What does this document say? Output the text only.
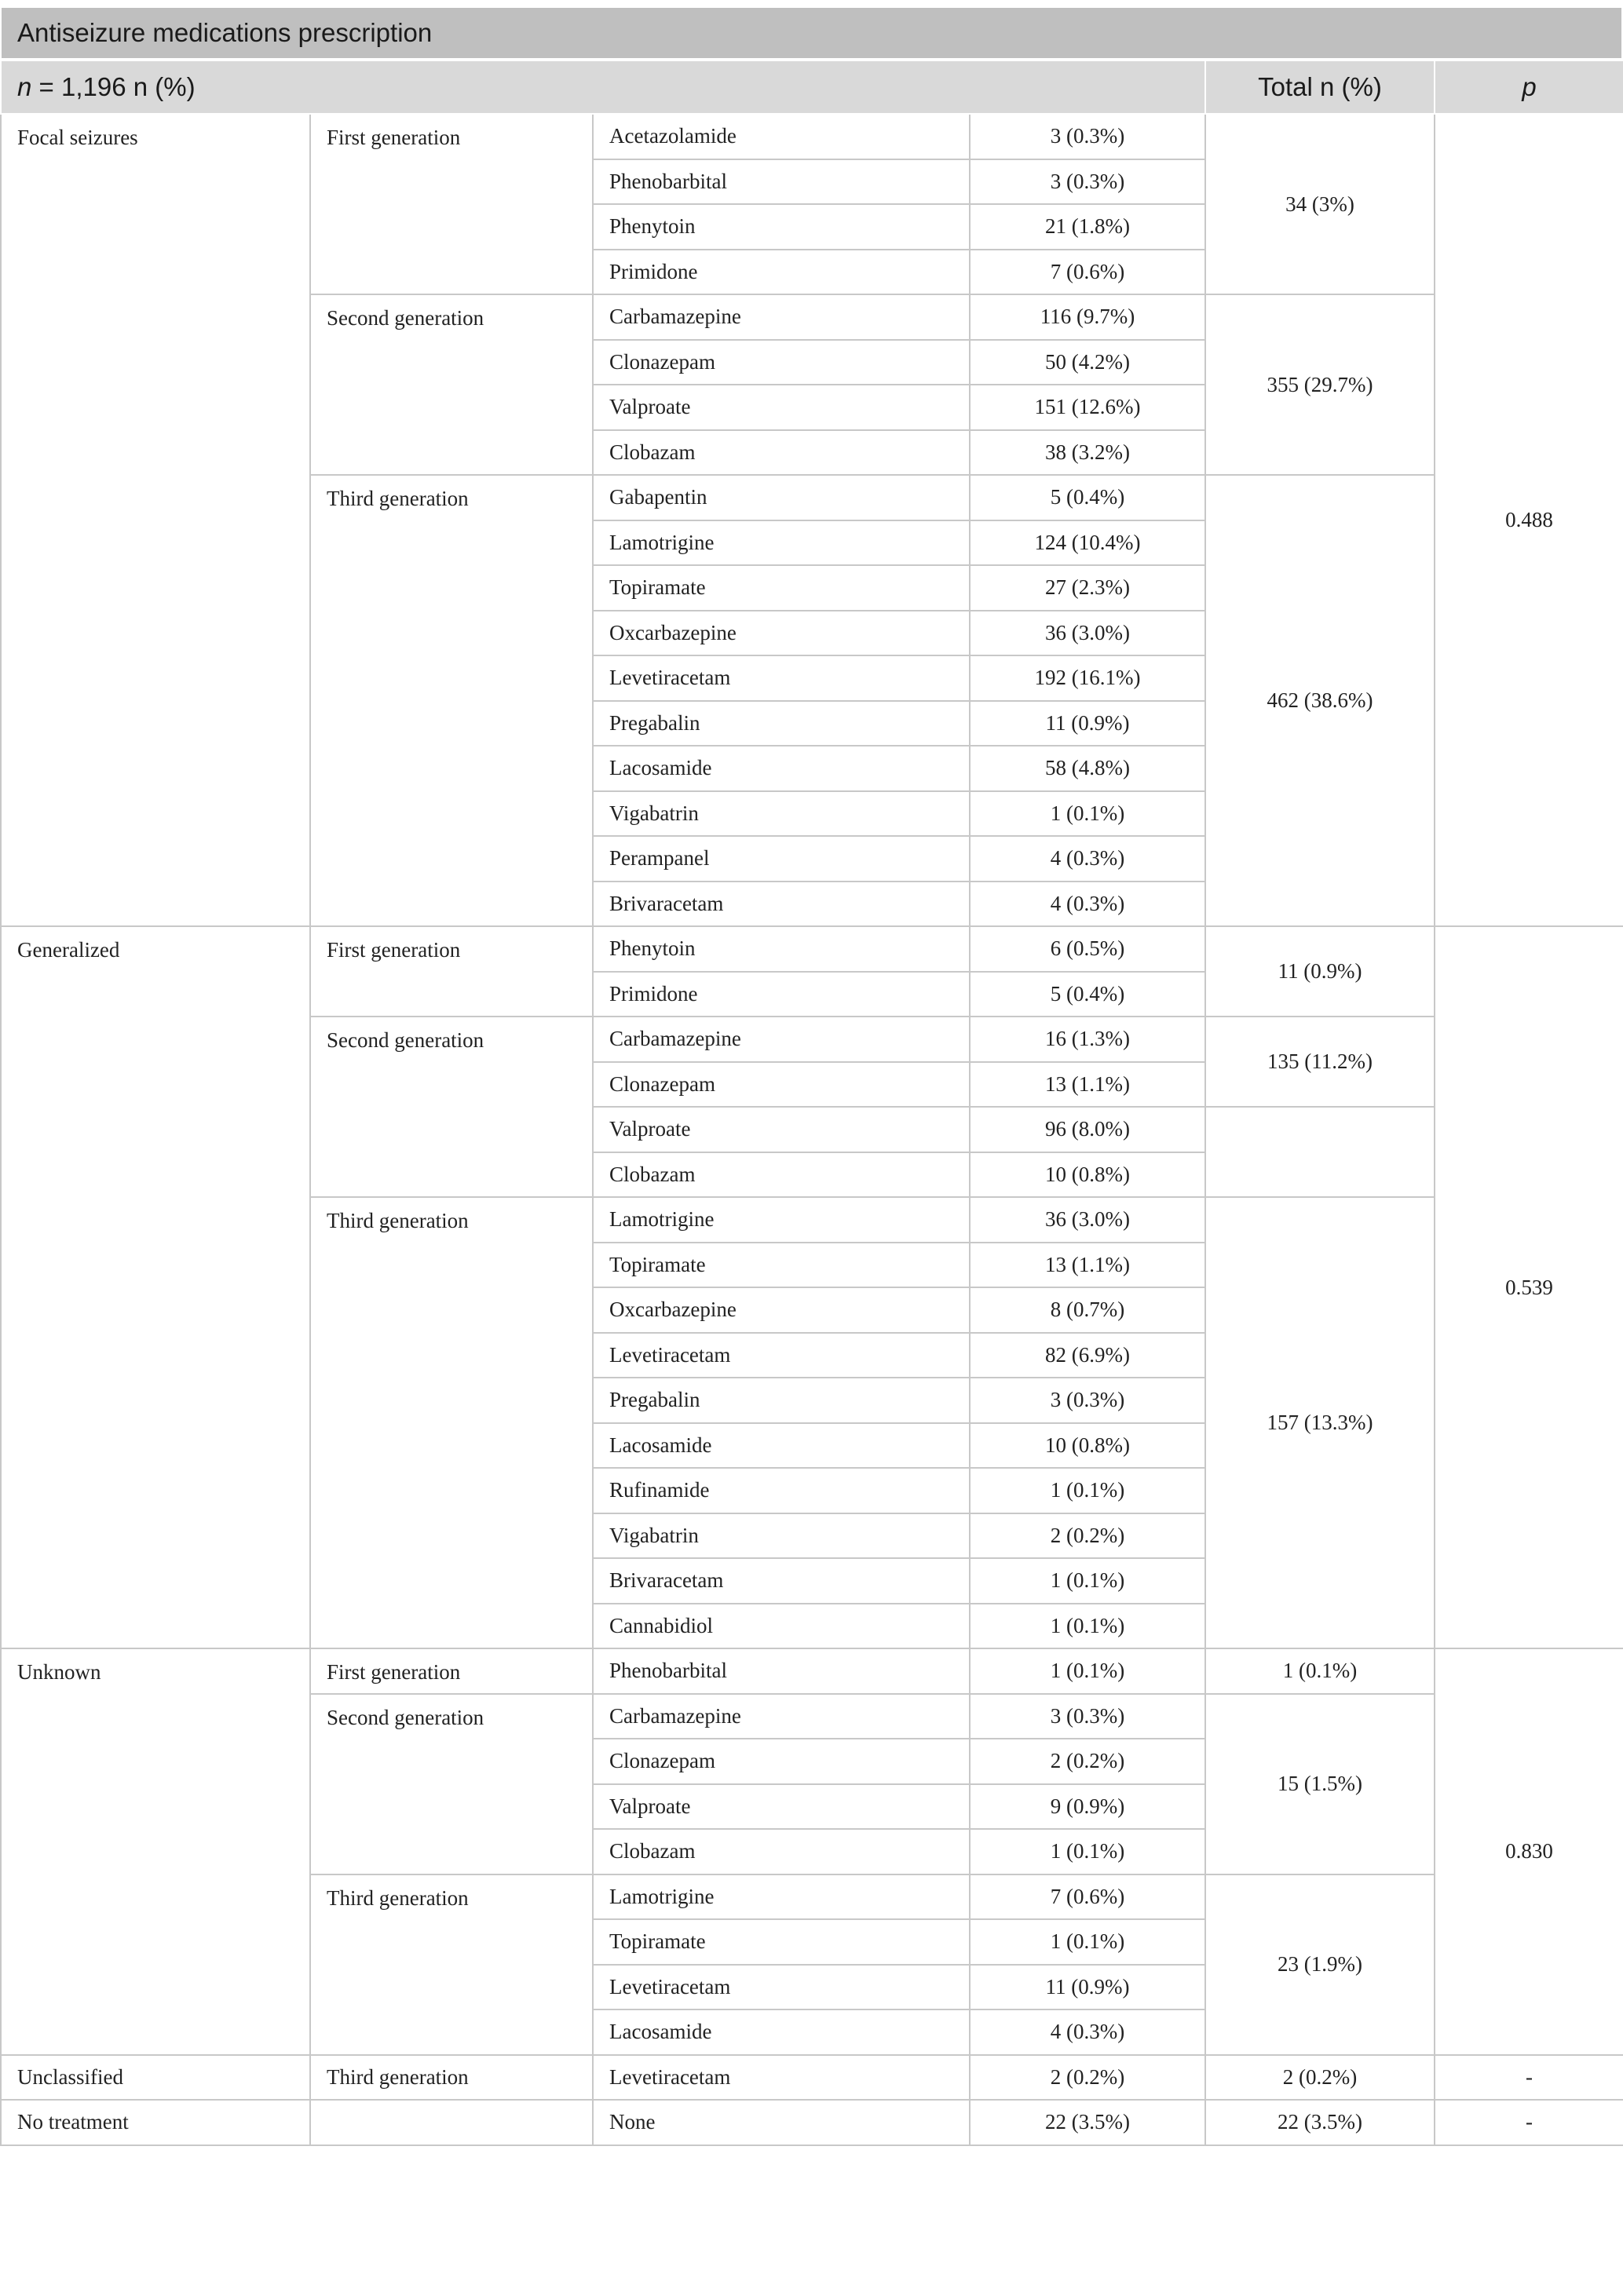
Antiseizure medications prescription
n = 1,196 n (%)				Total n (%)	p
Focal seizures	First generation	Acetazolamide	3 (0.3%)	34 (3%)	0.488
		Phenobarbital	3 (0.3%)		
		Phenytoin	21 (1.8%)		
		Primidone	7 (0.6%)		
	Second generation	Carbamazepine	116 (9.7%)	355 (29.7%)	
		Clonazepam	50 (4.2%)		
		Valproate	151 (12.6%)		
		Clobazam	38 (3.2%)		
	Third generation	Gabapentin	5 (0.4%)	462 (38.6%)	
		Lamotrigine	124 (10.4%)		
		Topiramate	27 (2.3%)		
		Oxcarbazepine	36 (3.0%)		
		Levetiracetam	192 (16.1%)		
		Pregabalin	11 (0.9%)		
		Lacosamide	58 (4.8%)		
		Vigabatrin	1 (0.1%)		
		Perampanel	4 (0.3%)		
		Brivaracetam	4 (0.3%)		
Generalized	First generation	Phenytoin	6 (0.5%)	11 (0.9%)	0.539
		Primidone	5 (0.4%)		
	Second generation	Carbamazepine	16 (1.3%)	135 (11.2%)	
		Clonazepam	13 (1.1%)		
		Valproate	96 (8.0%)		
		Clobazam	10 (0.8%)		
	Third generation	Lamotrigine	36 (3.0%)	157 (13.3%)	
		Topiramate	13 (1.1%)		
		Oxcarbazepine	8 (0.7%)		
		Levetiracetam	82 (6.9%)		
		Pregabalin	3 (0.3%)		
		Lacosamide	10 (0.8%)		
		Rufinamide	1 (0.1%)		
		Vigabatrin	2 (0.2%)		
		Brivaracetam	1 (0.1%)		
		Cannabidiol	1 (0.1%)		
Unknown	First generation	Phenobarbital	1 (0.1%)	1 (0.1%)	0.830
	Second generation	Carbamazepine	3 (0.3%)	15 (1.5%)	
		Clonazepam	2 (0.2%)		
		Valproate	9 (0.9%)		
		Clobazam	1 (0.1%)		
	Third generation	Lamotrigine	7 (0.6%)	23 (1.9%)	
		Topiramate	1 (0.1%)		
		Levetiracetam	11 (0.9%)		
		Lacosamide	4 (0.3%)		
Unclassified	Third generation	Levetiracetam	2 (0.2%)	2 (0.2%)	-
No treatment		None	22 (3.5%)	22 (3.5%)	-
